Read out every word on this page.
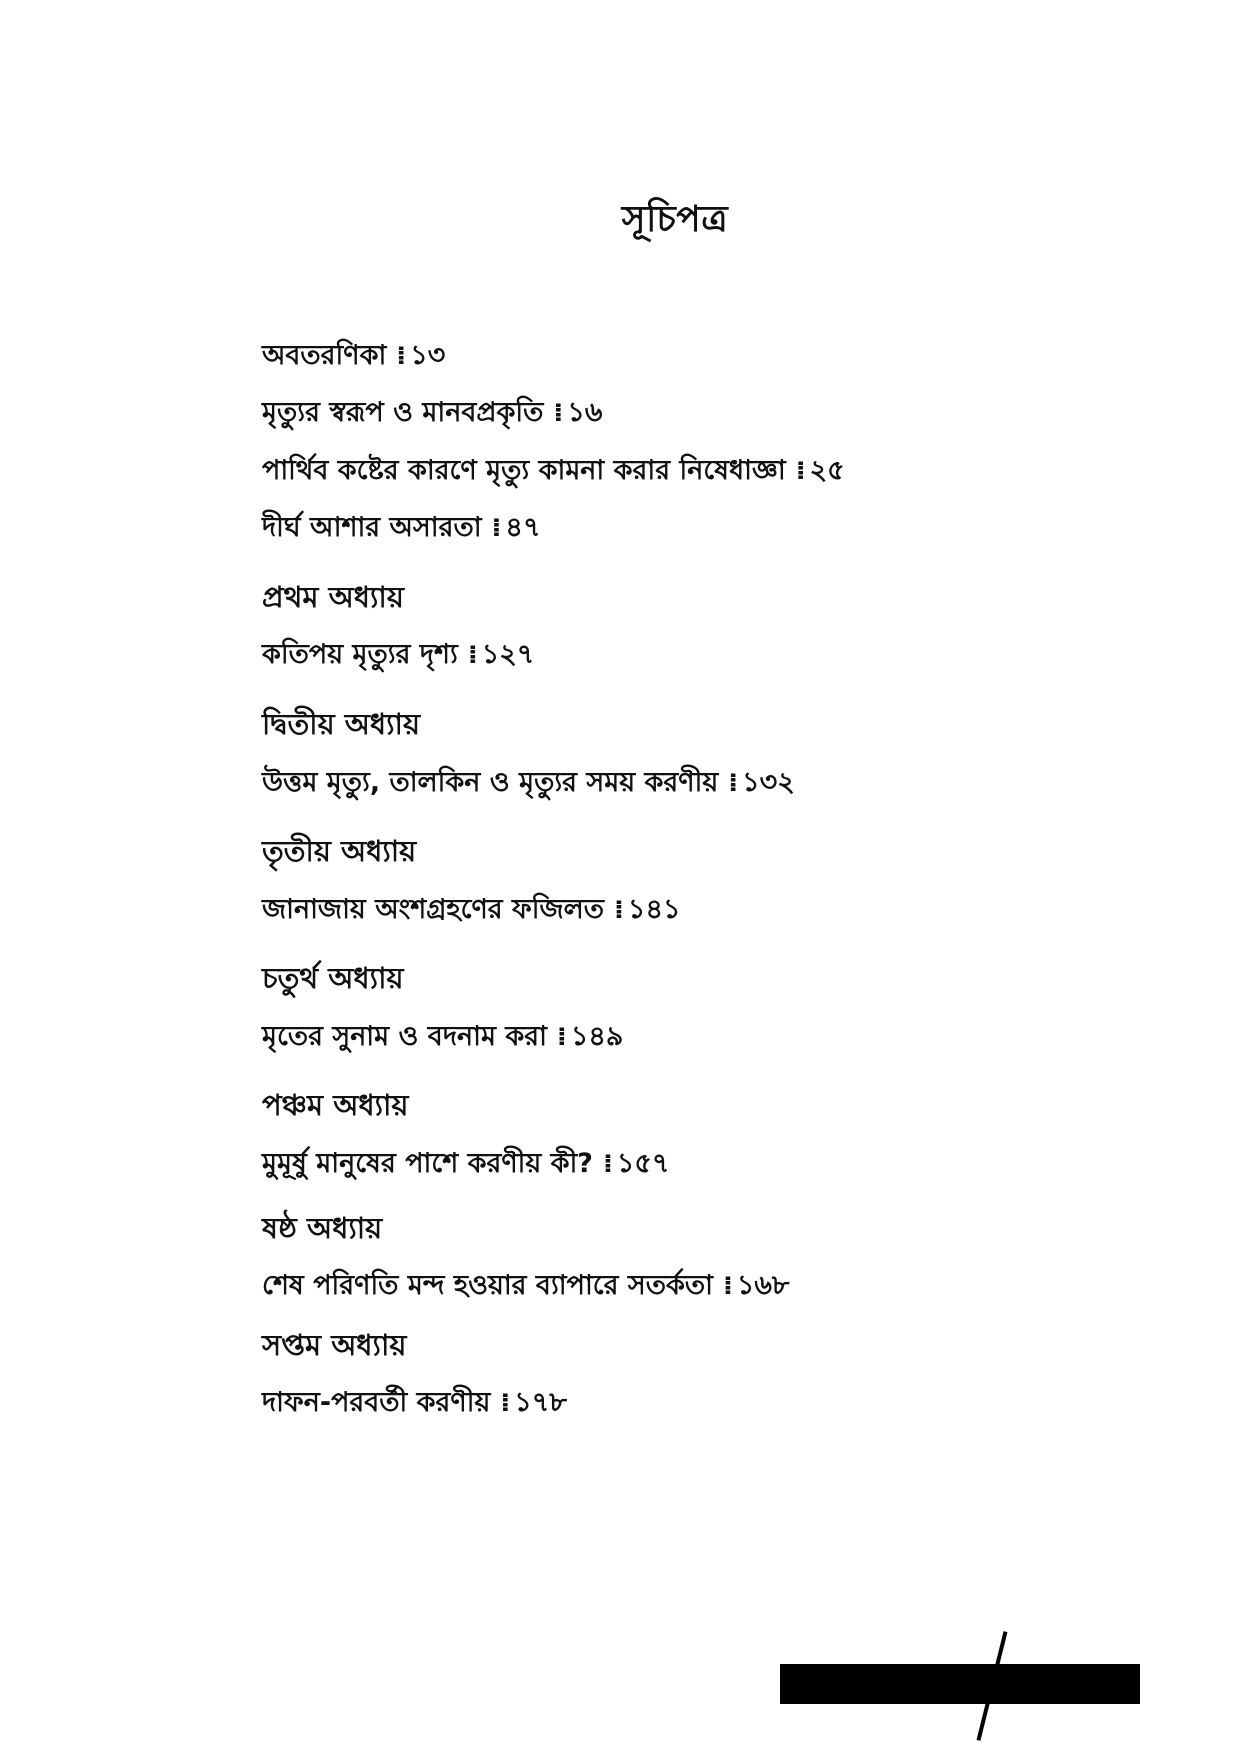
সূচিপত্র
অবতরণিকা ⁞ ১৩
মৃত্যুর স্বরূপ ও মানবপ্রকৃতি ⁞ ১৬
পার্থিব কষ্টের কারণে মৃত্যু কামনা করার নিষেধাজ্ঞা ⁞ ২৫
দীর্ঘ আশার অসারতা ⁞ ৪৭
প্রথম অধ্যায়
কতিপয় মৃত্যুর দৃশ্য ⁞ ১২৭
দ্বিতীয় অধ্যায়
উত্তম মৃত্যু, তালকিন ও মৃত্যুর সময় করণীয় ⁞ ১৩২
তৃতীয় অধ্যায়
জানাজায় অংশগ্রহণের ফজিলত ⁞ ১৪১
চতুর্থ অধ্যায়
মৃতের সুনাম ও বদনাম করা ⁞ ১৪৯
পঞ্চম অধ্যায়
মুমূর্ষু মানুষের পাশে করণীয় কী? ⁞ ১৫৭
ষষ্ঠ অধ্যায়
শেষ পরিণতি মন্দ হওয়ার ব্যাপারে সতর্কতা ⁞ ১৬৮
সপ্তম অধ্যায়
দাফন-পরবর্তী করণীয় ⁞ ১৭৮
